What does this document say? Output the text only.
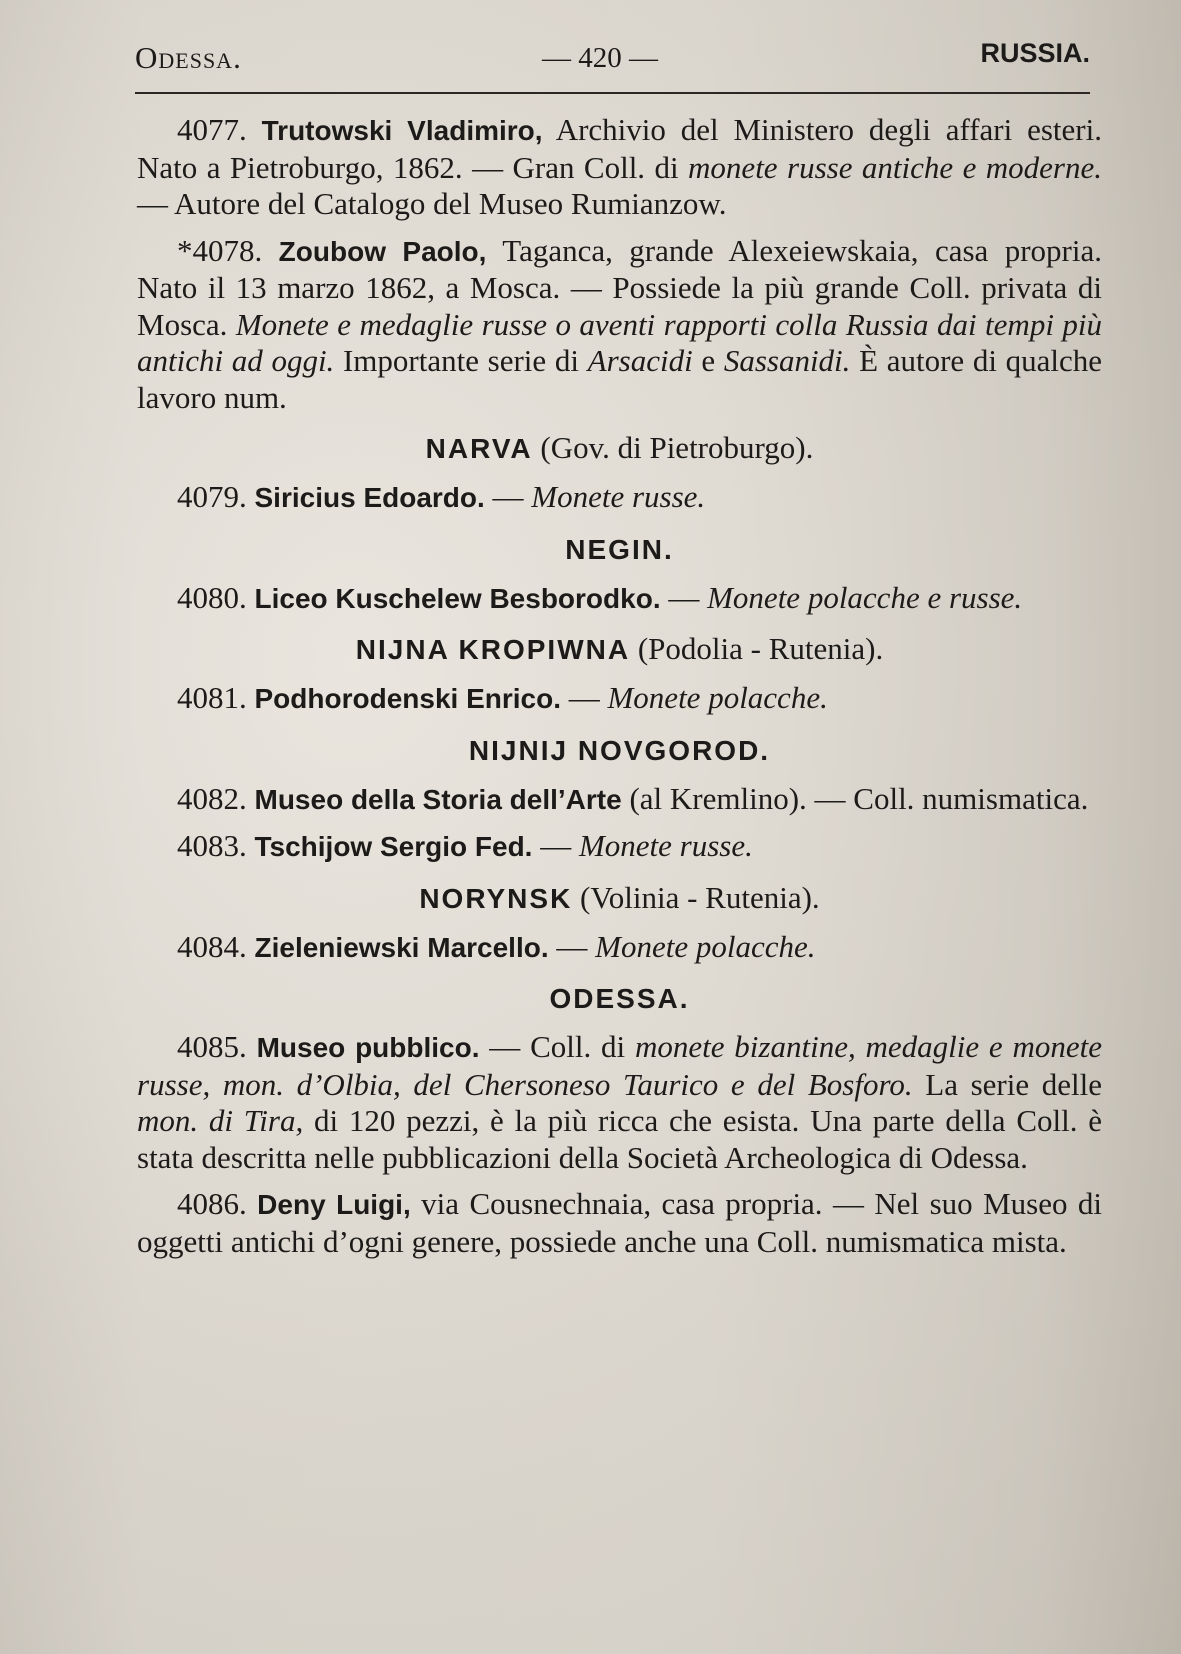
Odessa.	— 420 —	RUSSIA.

4077. Trutowski Vladimiro, Archivio del Ministero degli affari esteri. Nato a Pietroburgo, 1862. — Gran Coll. di monete russe antiche e moderne. — Autore del Catalogo del Museo Rumianzow.

*4078. Zoubow Paolo, Taganca, grande Alexeiewskaia, casa propria. Nato il 13 marzo 1862, a Mosca. — Possiede la più grande Coll. privata di Mosca. Monete e medaglie russe o aventi rapporti colla Russia dai tempi più antichi ad oggi. Importante serie di Arsacidi e Sassanidi. È autore di qualche lavoro num.

NARVA (Gov. di Pietroburgo).

4079. Siricius Edoardo. — Monete russe.

NEGIN.

4080. Liceo Kuschelew Besborodko. — Monete polacche e russe.

NIJNA KROPIWNA (Podolia - Rutenia).

4081. Podhorodenski Enrico. — Monete polacche.

NIJNIJ NOVGOROD.

4082. Museo della Storia dell’Arte (al Kremlino). — Coll. numismatica.

4083. Tschijow Sergio Fed. — Monete russe.

NORYNSK (Volinia - Rutenia).

4084. Zieleniewski Marcello. — Monete polacche.

ODESSA.

4085. Museo pubblico. — Coll. di monete bizantine, medaglie e monete russe, mon. d’Olbia, del Chersoneso Taurico e del Bosforo. La serie delle mon. di Tira, di 120 pezzi, è la più ricca che esista. Una parte della Coll. è stata descritta nelle pubblicazioni della Società Archeologica di Odessa.

4086. Deny Luigi, via Cousnechnaia, casa propria. — Nel suo Museo di oggetti antichi d’ogni genere, possiede anche una Coll. numismatica mista.
